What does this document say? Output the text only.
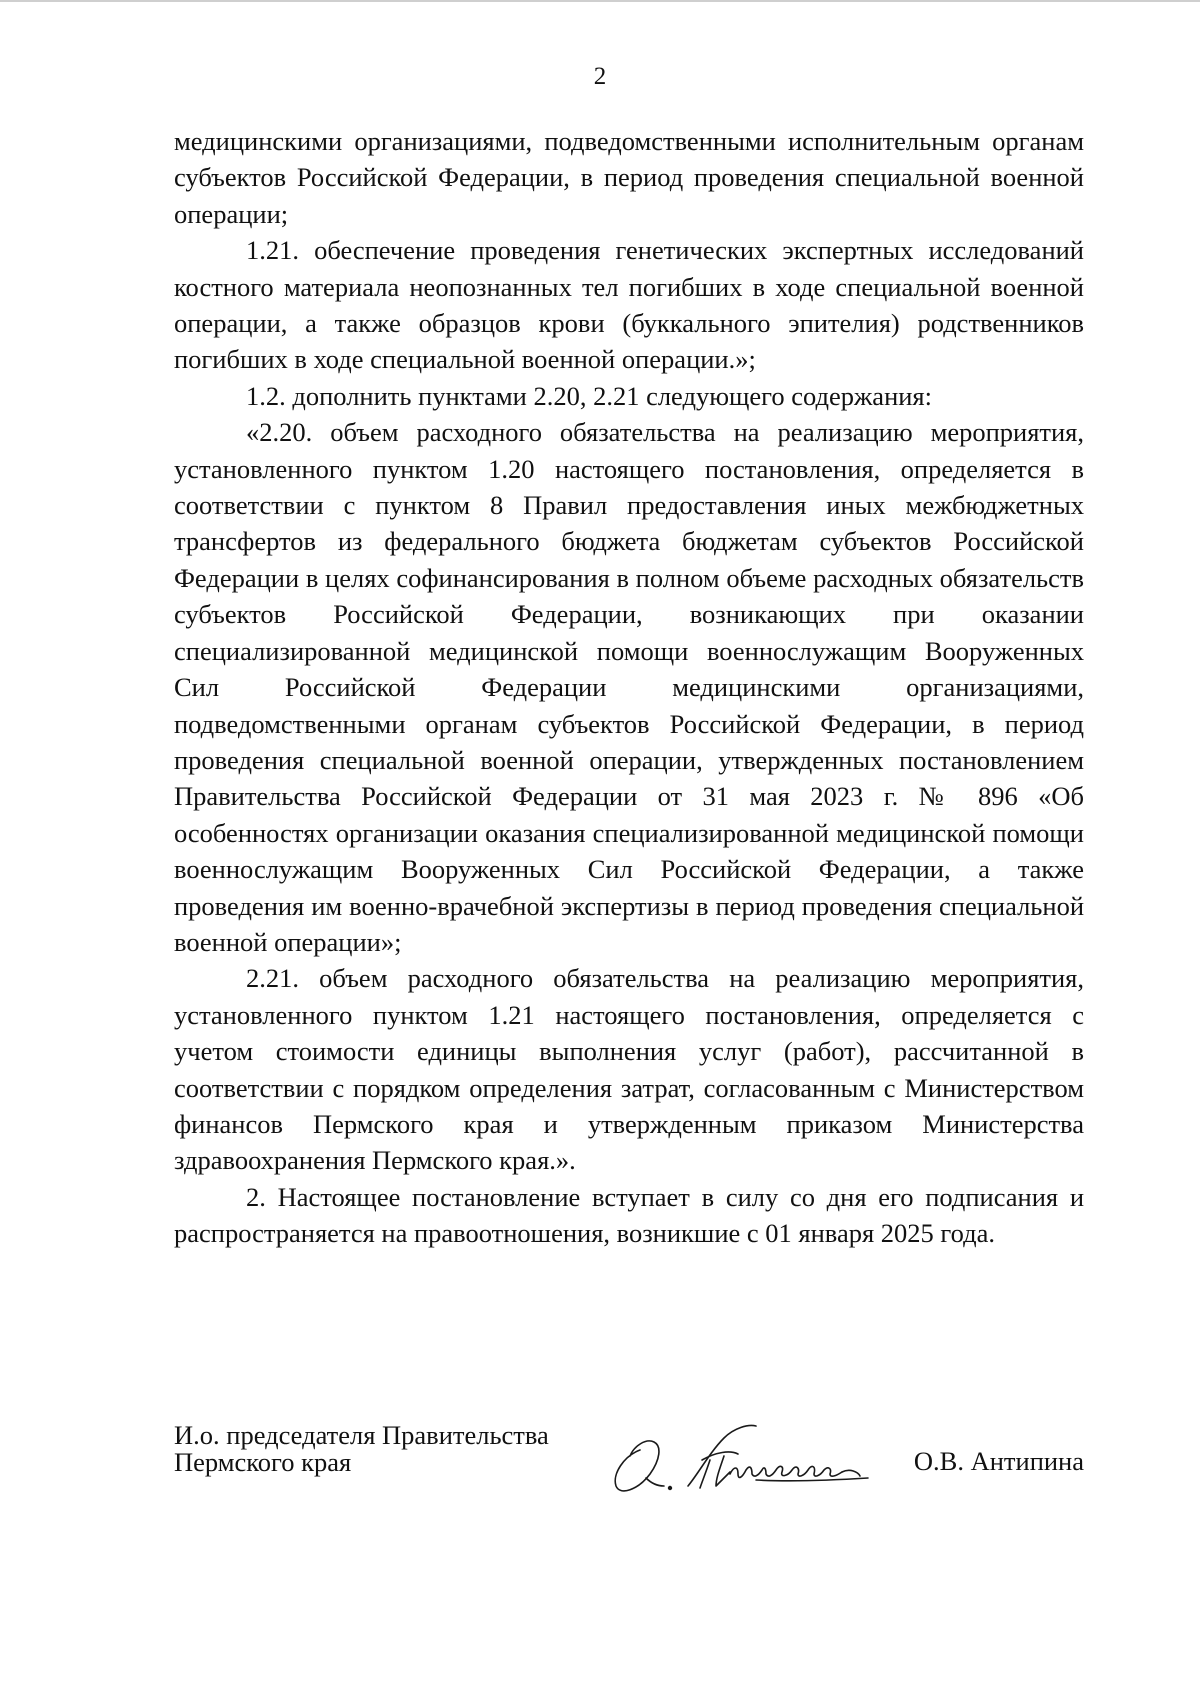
2

медицинскими организациями, подведомственными исполнительным органам субъектов Российской Федерации, в период проведения специальной военной операции;

1.21. обеспечение проведения генетических экспертных исследований костного материала неопознанных тел погибших в ходе специальной военной операции, а также образцов крови (буккального эпителия) родственников погибших в ходе специальной военной операции.»;

1.2. дополнить пунктами 2.20, 2.21 следующего содержания:

«2.20. объем расходного обязательства на реализацию мероприятия, установленного пунктом 1.20 настоящего постановления, определяется в соответствии с пунктом 8 Правил предоставления иных межбюджетных трансфертов из федерального бюджета бюджетам субъектов Российской Федерации в целях софинансирования в полном объеме расходных обязательств субъектов Российской Федерации, возникающих при оказании специализированной медицинской помощи военнослужащим Вооруженных Сил Российской Федерации медицинскими организациями, подведомственными органам субъектов Российской Федерации, в период проведения специальной военной операции, утвержденных постановлением Правительства Российской Федерации от 31 мая 2023 г. № 896 «Об особенностях организации оказания специализированной медицинской помощи военнослужащим Вооруженных Сил Российской Федерации, а также проведения им военно-врачебной экспертизы в период проведения специальной военной операции»;

2.21. объем расходного обязательства на реализацию мероприятия, установленного пунктом 1.21 настоящего постановления, определяется с учетом стоимости единицы выполнения услуг (работ), рассчитанной в соответствии с порядком определения затрат, согласованным с Министерством финансов Пермского края и утвержденным приказом Министерства здравоохранения Пермского края.».

2. Настоящее постановление вступает в силу со дня его подписания и распространяется на правоотношения, возникшие с 01 января 2025 года.

И.о. председателя Правительства
Пермского края	О.В. Антипина
